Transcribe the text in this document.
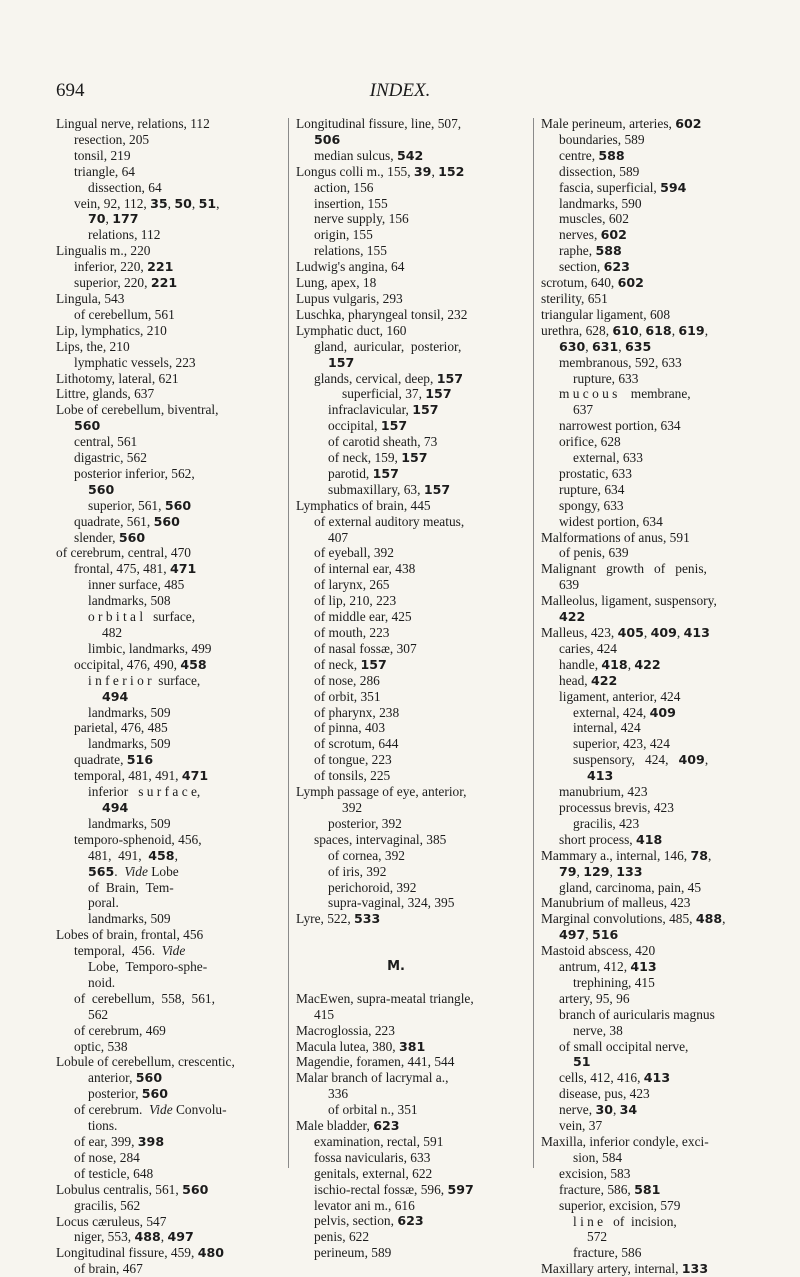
694	INDEX.
Lingual nerve, relations, 112
resection, 205
tonsil, 219
triangle, 64
dissection, 64
vein, 92, 112, 35, 50, 51,
70, 177
relations, 112
Lingualis m., 220
inferior, 220, 221
superior, 220, 221
Lingula, 543
of cerebellum, 561
Lip, lymphatics, 210
Lips, the, 210
lymphatic vessels, 223
Lithotomy, lateral, 621
Littre, glands, 637
Lobe of cerebellum, biventral,
560
central, 561
digastric, 562
posterior inferior, 562,
560
superior, 561, 560
quadrate, 561, 560
slender, 560
of cerebrum, central, 470
frontal, 475, 481, 471
inner surface, 485
landmarks, 508
o r b i t a l   surface,
482
limbic, landmarks, 499
occipital, 476, 490, 458
i n f e r i o r  surface,
494
landmarks, 509
parietal, 476, 485
landmarks, 509
quadrate, 516
temporal, 481, 491, 471
inferior   s u r f a c e,
494
landmarks, 509
temporo-sphenoid, 456,
481,  491,  458,
565.  Vide Lobe
of  Brain,  Tem-
poral.
landmarks, 509
Lobes of brain, frontal, 456
temporal,  456.  Vide
Lobe,  Temporo-sphe-
noid.
of  cerebellum,  558,  561,
562
of cerebrum, 469
optic, 538
Lobule of cerebellum, crescentic,
anterior, 560
posterior, 560
of cerebrum.  Vide Convolu-
tions.
of ear, 399, 398
of nose, 284
of testicle, 648
Lobulus centralis, 561, 560
gracilis, 562
Locus cæruleus, 547
niger, 553, 488, 497
Longitudinal fissure, 459, 480
of brain, 467
Longitudinal fissure, line, 507,
506
median sulcus, 542
Longus colli m., 155, 39, 152
action, 156
insertion, 155
nerve supply, 156
origin, 155
relations, 155
Ludwig's angina, 64
Lung, apex, 18
Lupus vulgaris, 293
Luschka, pharyngeal tonsil, 232
Lymphatic duct, 160
gland,  auricular,  posterior,
157
glands, cervical, deep, 157
superficial, 37, 157
infraclavicular, 157
occipital, 157
of carotid sheath, 73
of neck, 159, 157
parotid, 157
submaxillary, 63, 157
Lymphatics of brain, 445
of external auditory meatus,
407
of eyeball, 392
of internal ear, 438
of larynx, 265
of lip, 210, 223
of middle ear, 425
of mouth, 223
of nasal fossæ, 307
of neck, 157
of nose, 286
of orbit, 351
of pharynx, 238
of pinna, 403
of scrotum, 644
of tongue, 223
of tonsils, 225
Lymph passage of eye, anterior,
392
posterior, 392
spaces, intervaginal, 385
of cornea, 392
of iris, 392
perichoroid, 392
supra-vaginal, 324, 395
Lyre, 522, 533
M.
MacEwen, supra-meatal triangle,
415
Macroglossia, 223
Macula lutea, 380, 381
Magendie, foramen, 441, 544
Malar branch of lacrymal a.,
336
of orbital n., 351
Male bladder, 623
examination, rectal, 591
fossa navicularis, 633
genitals, external, 622
ischio-rectal fossæ, 596, 597
levator ani m., 616
pelvis, section, 623
penis, 622
perineum, 589
Male perineum, arteries, 602
boundaries, 589
centre, 588
dissection, 589
fascia, superficial, 594
landmarks, 590
muscles, 602
nerves, 602
raphe, 588
section, 623
scrotum, 640, 602
sterility, 651
triangular ligament, 608
urethra, 628, 610, 618, 619,
630, 631, 635
membranous, 592, 633
rupture, 633
m u c o u s    membrane,
637
narrowest portion, 634
orifice, 628
external, 633
prostatic, 633
rupture, 634
spongy, 633
widest portion, 634
Malformations of anus, 591
of penis, 639
Malignant   growth   of   penis,
639
Malleolus, ligament, suspensory,
422
Malleus, 423, 405, 409, 413
caries, 424
handle, 418, 422
head, 422
ligament, anterior, 424
external, 424, 409
internal, 424
superior, 423, 424
suspensory,   424,   409,
413
manubrium, 423
processus brevis, 423
gracilis, 423
short process, 418
Mammary a., internal, 146, 78,
79, 129, 133
gland, carcinoma, pain, 45
Manubrium of malleus, 423
Marginal convolutions, 485, 488,
497, 516
Mastoid abscess, 420
antrum, 412, 413
trephining, 415
artery, 95, 96
branch of auricularis magnus
nerve, 38
of small occipital nerve,
51
cells, 412, 416, 413
disease, pus, 423
nerve, 30, 34
vein, 37
Maxilla, inferior condyle, exci-
sion, 584
excision, 583
fracture, 586, 581
superior, excision, 579
l i n e   of  incision,
572
fracture, 586
Maxillary artery, internal, 133
